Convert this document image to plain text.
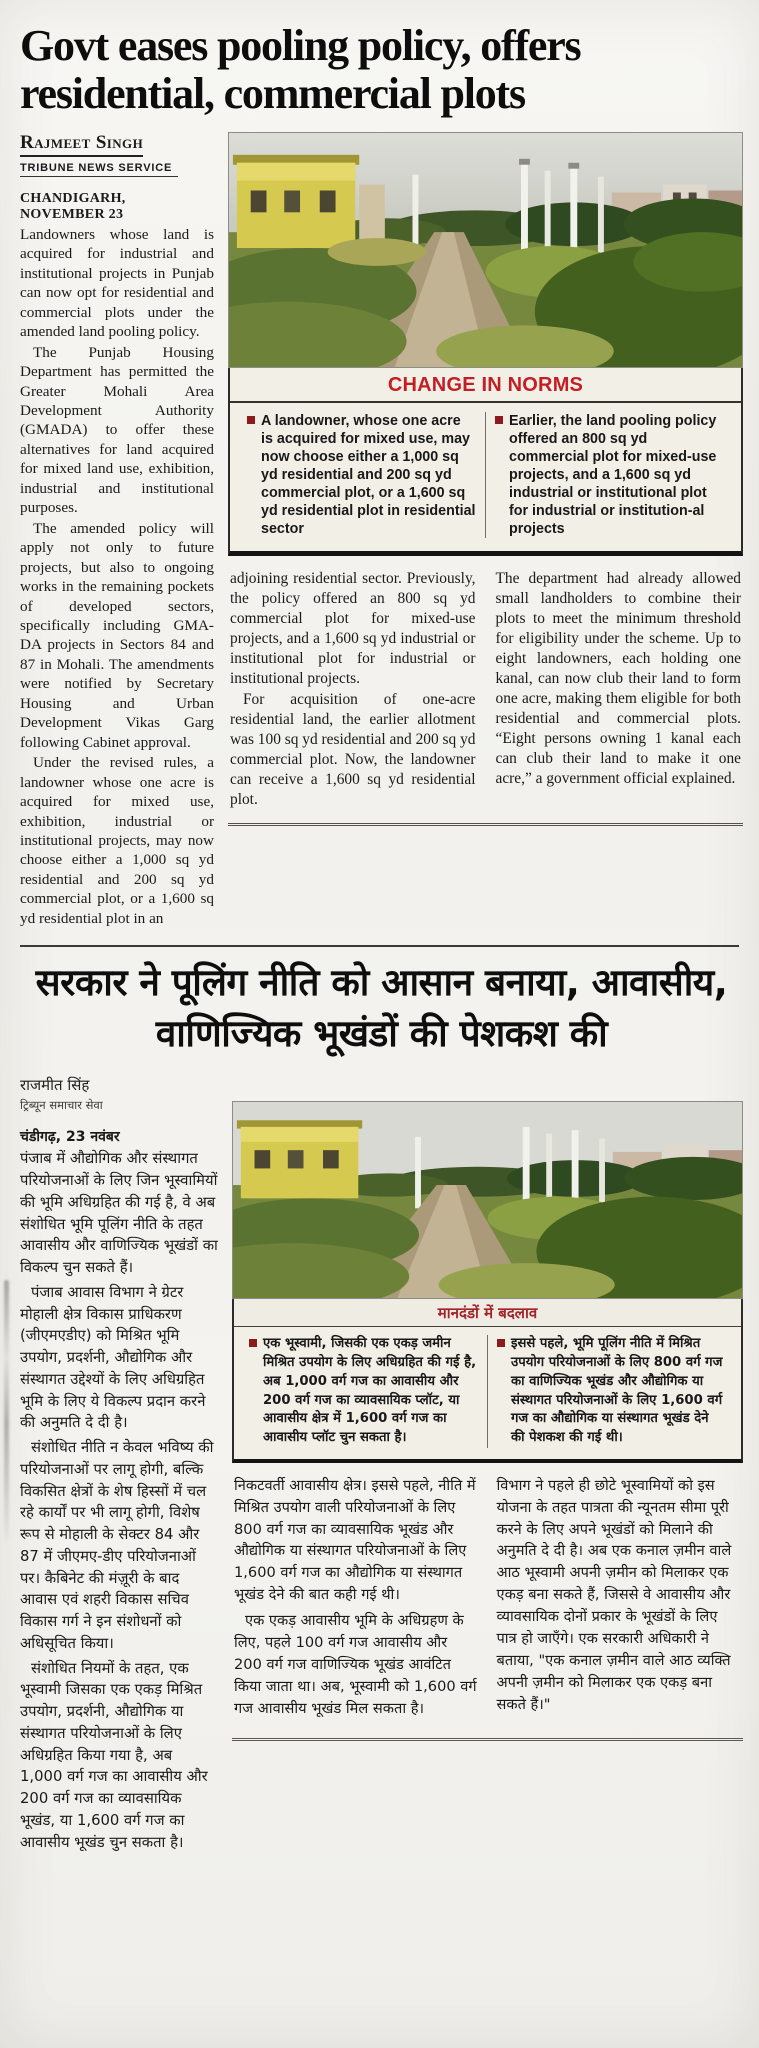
Govt eases pooling policy, offers residential, commercial plots
Rajmeet Singh
TRIBUNE NEWS SERVICE
CHANDIGARH, NOVEMBER 23

Landowners whose land is acquired for industrial and institutional projects in Punjab can now opt for residential and commercial plots under the amended land pooling policy.

The Punjab Housing Department has permitted the Greater Mohali Area Development Authority (GMADA) to offer these alternatives for land acquired for mixed land use, exhibition, industrial and institutional purposes.

The amended policy will apply not only to future projects, but also to ongoing works in the remaining pockets of developed sectors, specifically including GMA-DA projects in Sectors 84 and 87 in Mohali. The amendments were notified by Secretary Housing and Urban Development Vikas Garg following Cabinet approval.

Under the revised rules, a landowner whose one acre is acquired for mixed use, exhibition, industrial or institutional projects, may now choose either a 1,000 sq yd residential and 200 sq yd commercial plot, or a 1,600 sq yd residential plot in an

CHANGE IN NORMS
A landowner, whose one acre is acquired for mixed use, may now choose either a 1,000 sq yd residential and 200 sq yd commercial plot, or a 1,600 sq yd residential plot in residential sector
Earlier, the land pooling policy offered an 800 sq yd commercial plot for mixed-use projects, and a 1,600 sq yd industrial or institutional plot for industrial or institution-al projects

adjoining residential sector. Previously, the policy offered an 800 sq yd commercial plot for mixed-use projects, and a 1,600 sq yd industrial or institutional plot for industrial or institutional projects.

For acquisition of one-acre residential land, the earlier allotment was 100 sq yd residential and 200 sq yd commercial plot. Now, the landowner can receive a 1,600 sq yd residential plot.

The department had already allowed small landholders to combine their plots to meet the minimum threshold for eligibility under the scheme. Up to eight landowners, each holding one kanal, can now club their land to form one acre, making them eligible for both residential and commercial plots. “Eight persons owning 1 kanal each can club their land to make it one acre,” a government official explained.

सरकार ने पूलिंग नीति को आसान बनाया, आवासीय, वाणिज्यिक भूखंडों की पेशकश की
राजमीत सिंह
ट्रिब्यून समाचार सेवा
चंडीगढ़, 23 नवंबर

पंजाब में औद्योगिक और संस्थागत परियोजनाओं के लिए जिन भूस्वामियों की भूमि अधिग्रहित की गई है, वे अब संशोधित भूमि पूलिंग नीति के तहत आवासीय और वाणिज्यिक भूखंडों का विकल्प चुन सकते हैं।

पंजाब आवास विभाग ने ग्रेटर मोहाली क्षेत्र विकास प्राधिकरण (जीएमएडीए) को मिश्रित भूमि उपयोग, प्रदर्शनी, औद्योगिक और संस्थागत उद्देश्यों के लिए अधिग्रहित भूमि के लिए ये विकल्प प्रदान करने की अनुमति दे दी है।

संशोधित नीति न केवल भविष्य की परियोजनाओं पर लागू होगी, बल्कि विकसित क्षेत्रों के शेष हिस्सों में चल रहे कार्यों पर भी लागू होगी, विशेष रूप से मोहाली के सेक्टर 84 और 87 में जीएमए-डीए परियोजनाओं पर। कैबिनेट की मंज़ूरी के बाद आवास एवं शहरी विकास सचिव विकास गर्ग ने इन संशोधनों को अधिसूचित किया।

संशोधित नियमों के तहत, एक भूस्वामी जिसका एक एकड़ मिश्रित उपयोग, प्रदर्शनी, औद्योगिक या संस्थागत परियोजनाओं के लिए अधिग्रहित किया गया है, अब 1,000 वर्ग गज का आवासीय और 200 वर्ग गज का व्यावसायिक भूखंड, या 1,600 वर्ग गज का आवासीय भूखंड चुन सकता है।

मानदंडों में बदलाव
एक भूस्वामी, जिसकी एक एकड़ जमीन मिश्रित उपयोग के लिए अधिग्रहित की गई है, अब 1,000 वर्ग गज का आवासीय और 200 वर्ग गज का व्यावसायिक प्लॉट, या आवासीय क्षेत्र में 1,600 वर्ग गज का आवासीय प्लॉट चुन सकता है।
इससे पहले, भूमि पूलिंग नीति में मिश्रित उपयोग परियोजनाओं के लिए 800 वर्ग गज का वाणिज्यिक भूखंड और औद्योगिक या संस्थागत परियोजनाओं के लिए 1,600 वर्ग गज का औद्योगिक या संस्थागत भूखंड देने की पेशकश की गई थी।

निकटवर्ती आवासीय क्षेत्र। इससे पहले, नीति में मिश्रित उपयोग वाली परियोजनाओं के लिए 800 वर्ग गज का व्यावसायिक भूखंड और औद्योगिक या संस्थागत परियोजनाओं के लिए 1,600 वर्ग गज का औद्योगिक या संस्थागत भूखंड देने की बात कही गई थी।

एक एकड़ आवासीय भूमि के अधिग्रहण के लिए, पहले 100 वर्ग गज आवासीय और 200 वर्ग गज वाणिज्यिक भूखंड आवंटित किया जाता था। अब, भूस्वामी को 1,600 वर्ग गज आवासीय भूखंड मिल सकता है।

विभाग ने पहले ही छोटे भूस्वामियों को इस योजना के तहत पात्रता की न्यूनतम सीमा पूरी करने के लिए अपने भूखंडों को मिलाने की अनुमति दे दी है। अब एक कनाल ज़मीन वाले आठ भूस्वामी अपनी ज़मीन को मिलाकर एक एकड़ बना सकते हैं, जिससे वे आवासीय और व्यावसायिक दोनों प्रकार के भूखंडों के लिए पात्र हो जाएँगे। एक सरकारी अधिकारी ने बताया, "एक कनाल ज़मीन वाले आठ व्यक्ति अपनी ज़मीन को मिलाकर एक एकड़ बना सकते हैं।"
